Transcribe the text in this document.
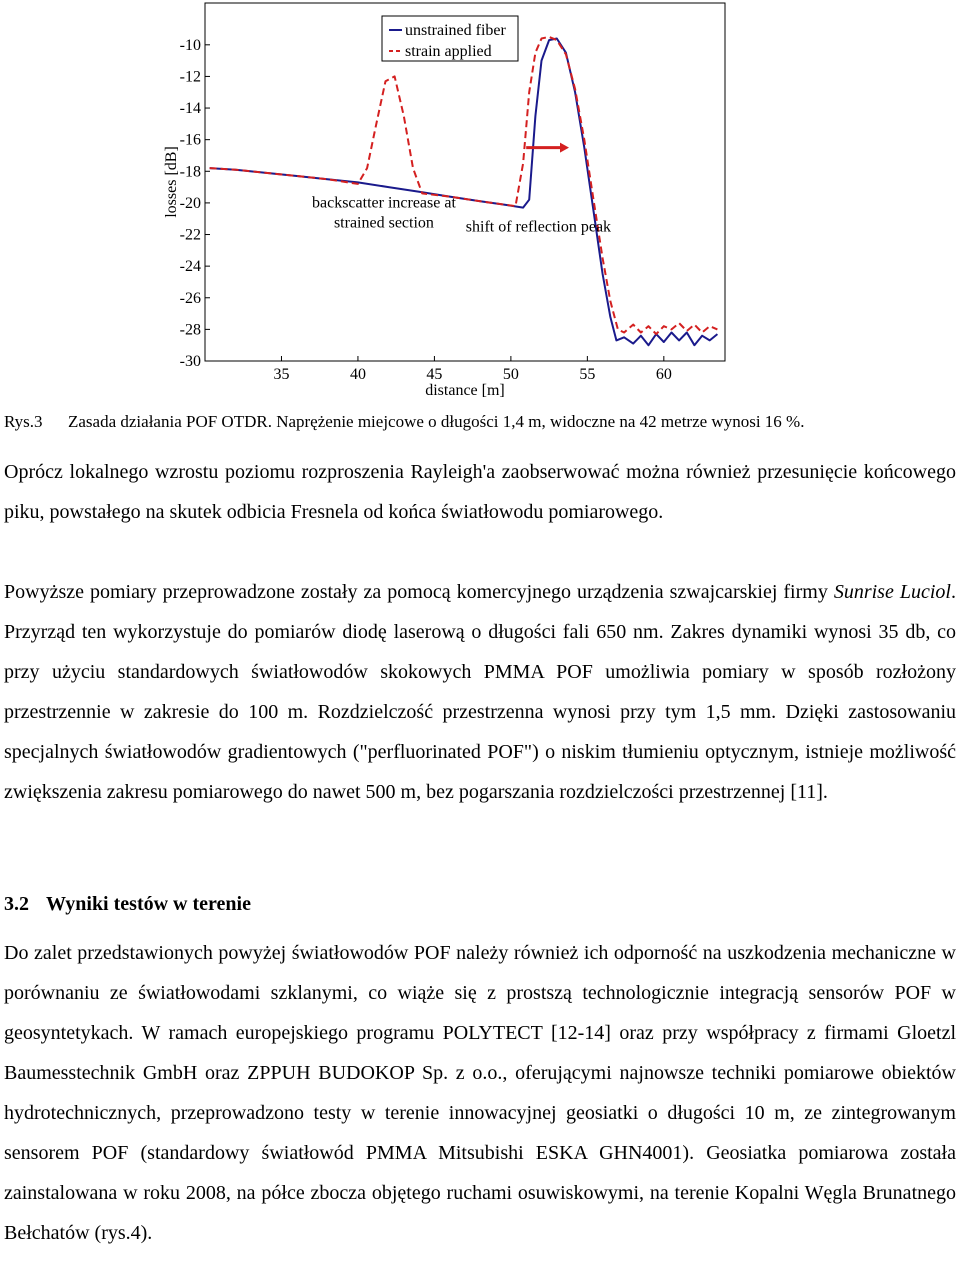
35	40	45	50	55	60
-10
-12
-14
-16
-18
-20
-22
-24
-26
-28
-30
backscatter increase at
strained section shift of reflection peak
unstrained fiber
strain applied
losses [dB]
distance [m]
Rys.3 Zasada działania POF OTDR. Naprężenie miejcowe o długości 1,4 m, widoczne na 42 metrze wynosi 16 %.

Oprócz lokalnego wzrostu poziomu rozproszenia Rayleigh'a zaobserwować można również przesunięcie końcowego piku, powstałego na skutek odbicia Fresnela od końca światłowodu pomiarowego.

Powyższe pomiary przeprowadzone zostały za pomocą komercyjnego urządzenia szwajcarskiej firmy Sunrise Luciol. Przyrząd ten wykorzystuje do pomiarów diodę laserową o długości fali 650 nm. Zakres dynamiki wynosi 35 db, co przy użyciu standardowych światłowodów skokowych PMMA POF umożliwia pomiary w sposób rozłożony przestrzennie w zakresie do 100 m. Rozdzielczość przestrzenna wynosi przy tym 1,5 mm. Dzięki zastosowaniu specjalnych światłowodów gradientowych ("perfluorinated POF") o niskim tłumieniu optycznym, istnieje możliwość zwiększenia zakresu pomiarowego do nawet 500 m, bez pogarszania rozdzielczości przestrzennej [11].

3.2 Wyniki testów w terenie

Do zalet przedstawionych powyżej światłowodów POF należy również ich odporność na uszkodzenia mechaniczne w porównaniu ze światłowodami szklanymi, co wiąże się z prostszą technologicznie integracją sensorów POF w geosyntetykach. W ramach europejskiego programu POLYTECT [12-14] oraz przy współpracy z firmami Gloetzl Baumesstechnik GmbH oraz ZPPUH BUDOKOP Sp. z o.o., oferującymi najnowsze techniki pomiarowe obiektów hydrotechnicznych, przeprowadzono testy w terenie innowacyjnej geosiatki o długości 10 m, ze zintegrowanym sensorem POF (standardowy światłowód PMMA Mitsubishi ESKA GHN4001). Geosiatka pomiarowa została zainstalowana w roku 2008, na półce zbocza objętego ruchami osuwiskowymi, na terenie Kopalni Węgla Brunatnego Bełchatów (rys.4).
